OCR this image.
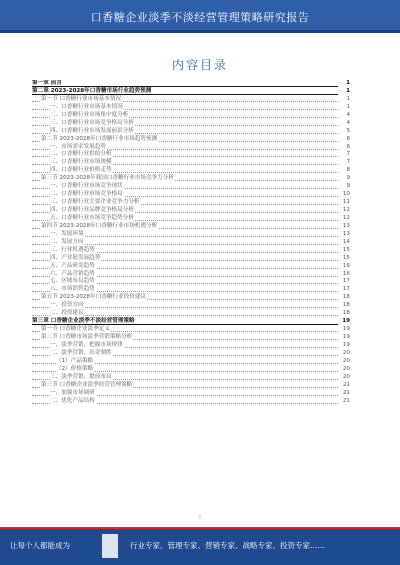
口香糖企业淡季不淡经营管理策略研究报告
内容目录
第一章 前言	1
第二章 2023-2028年口香糖市场行业趋势预测	1
第一节 口香糖行业市场基本情况	1
一、口香糖行业市场基本情况	1
二、口香糖行业市场集中度分析	4
三、口香糖行业市场竞争格局分析	4
四、口香糖行业市场发展前景分析	5
第二节 2023-2028年口香糖行业市场趋势预测	6
一、市场需求发展趋势	6
二、口香糖行业供给分析	7
三、口香糖行业市场规模	7
四、口香糖行业价格走势	8
第三节 2023-2028年我国口香糖行业市场竞争力分析	9
一、口香糖行业市场竞争现状	9
二、口香糖行业市场竞争格局	10
三、口香糖行业主要企业竞争力分析	11
四、口香糖行业品牌竞争格局分析	12
五、口香糖行业市场竞争趋势分析	12
第四节 2023-2028年口香糖行业市场机遇分析	13
一、发展环境	13
二、发展方向	14
三、行业机遇趋势	15
四、产业链发展趋势	15
五、产品研发趋势	16
六、产品营销趋势	16
七、区域布局趋势	17
八、市场销售趋势	17
第五节 2023-2028年口香糖行业投资建议	18
一、投资方向	18
二、投资建议	18
第三章 口香糖企业淡季不淡经营管理策略	19
第一节 口香糖企业淡季定义	19
第二节 口香糖市场淡季营销策略分析	19
一、淡季营销，把握市场规律	19
二、淡季营销，出奇制胜	20
（1）产品策略	20
（2）价格策略	20
三、淡季营销，提前布局	20
第三节 口香糖企业淡季经营管理策略	21
一、加强市场调研	21
二、优化产品结构	21
I
让每个人都能成为	行业专家、管理专家、营销专家、战略专家、投资专家……
